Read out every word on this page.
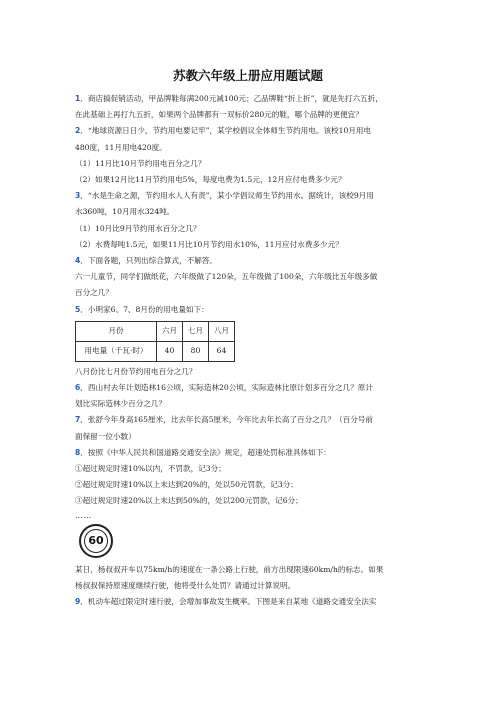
苏教六年级上册应用题试题

1．商店搞促销活动，甲品牌鞋每满200元减100元；乙品牌鞋“折上折”，就是先打六五折，

在此基础上再打九五折，如果两个品牌都有一双标价280元的鞋，哪个品牌的更便宜？

2．“地球资源日日少，节约用电要记牢”，某学校倡议全体师生节约用电。该校10月用电

480度，11月用电420度。

（1）11月比10月节约用电百分之几？

（2）如果12月比11月节约用电5%，每度电费为1.5元，12月应付电费多少元？

3．“水是生命之源，节约用水人人有责”，某小学倡议师生节约用水。据统计，该校9月用

水360吨，10月用水324吨。

（1）10月比9月节约用水百分之几？

（2）水费每吨1.5元，如果11月比10月节约用水10%，11月应付水费多少元？

4．下面各题，只列出综合算式，不解答。

六一儿童节，同学们做纸花，六年级做了120朵，五年级做了100朵，六年级比五年级多做

百分之几？

5．小明家6、7、8月份的用电量如下：

月份	六月	七月	八月
用电量（千瓦·时）	40	80	64

八月份比七月份节约用电百分之几？

6．西山村去年计划造林16公顷，实际造林20公顷，实际造林比原计划多百分之几？原计

划比实际造林少百分之几？

7．张舒今年身高165厘米，比去年长高5厘米，今年比去年长高了百分之几？（百分号前

面保留一位小数）

8．按照《中华人民共和国道路交通安全法》规定，超速处罚标准具体如下：

①超过规定时速10%以内，不罚款，记3分；

②超过规定时速10%以上未达到20%的，处以50元罚款，记3分；

③超过规定时速20%以上未达到50%的，处以200元罚款，记6分；

……

60

某日，杨叔叔开车以75km/h的速度在一条公路上行驶，前方出现限速60km/h的标志。如果

杨叔叔保持原速度继续行驶，他将受什么处罚？请通过计算说明。

9．机动车超过限定时速行驶，会增加事故发生概率。下图是来自某地《道路交通安全法实
